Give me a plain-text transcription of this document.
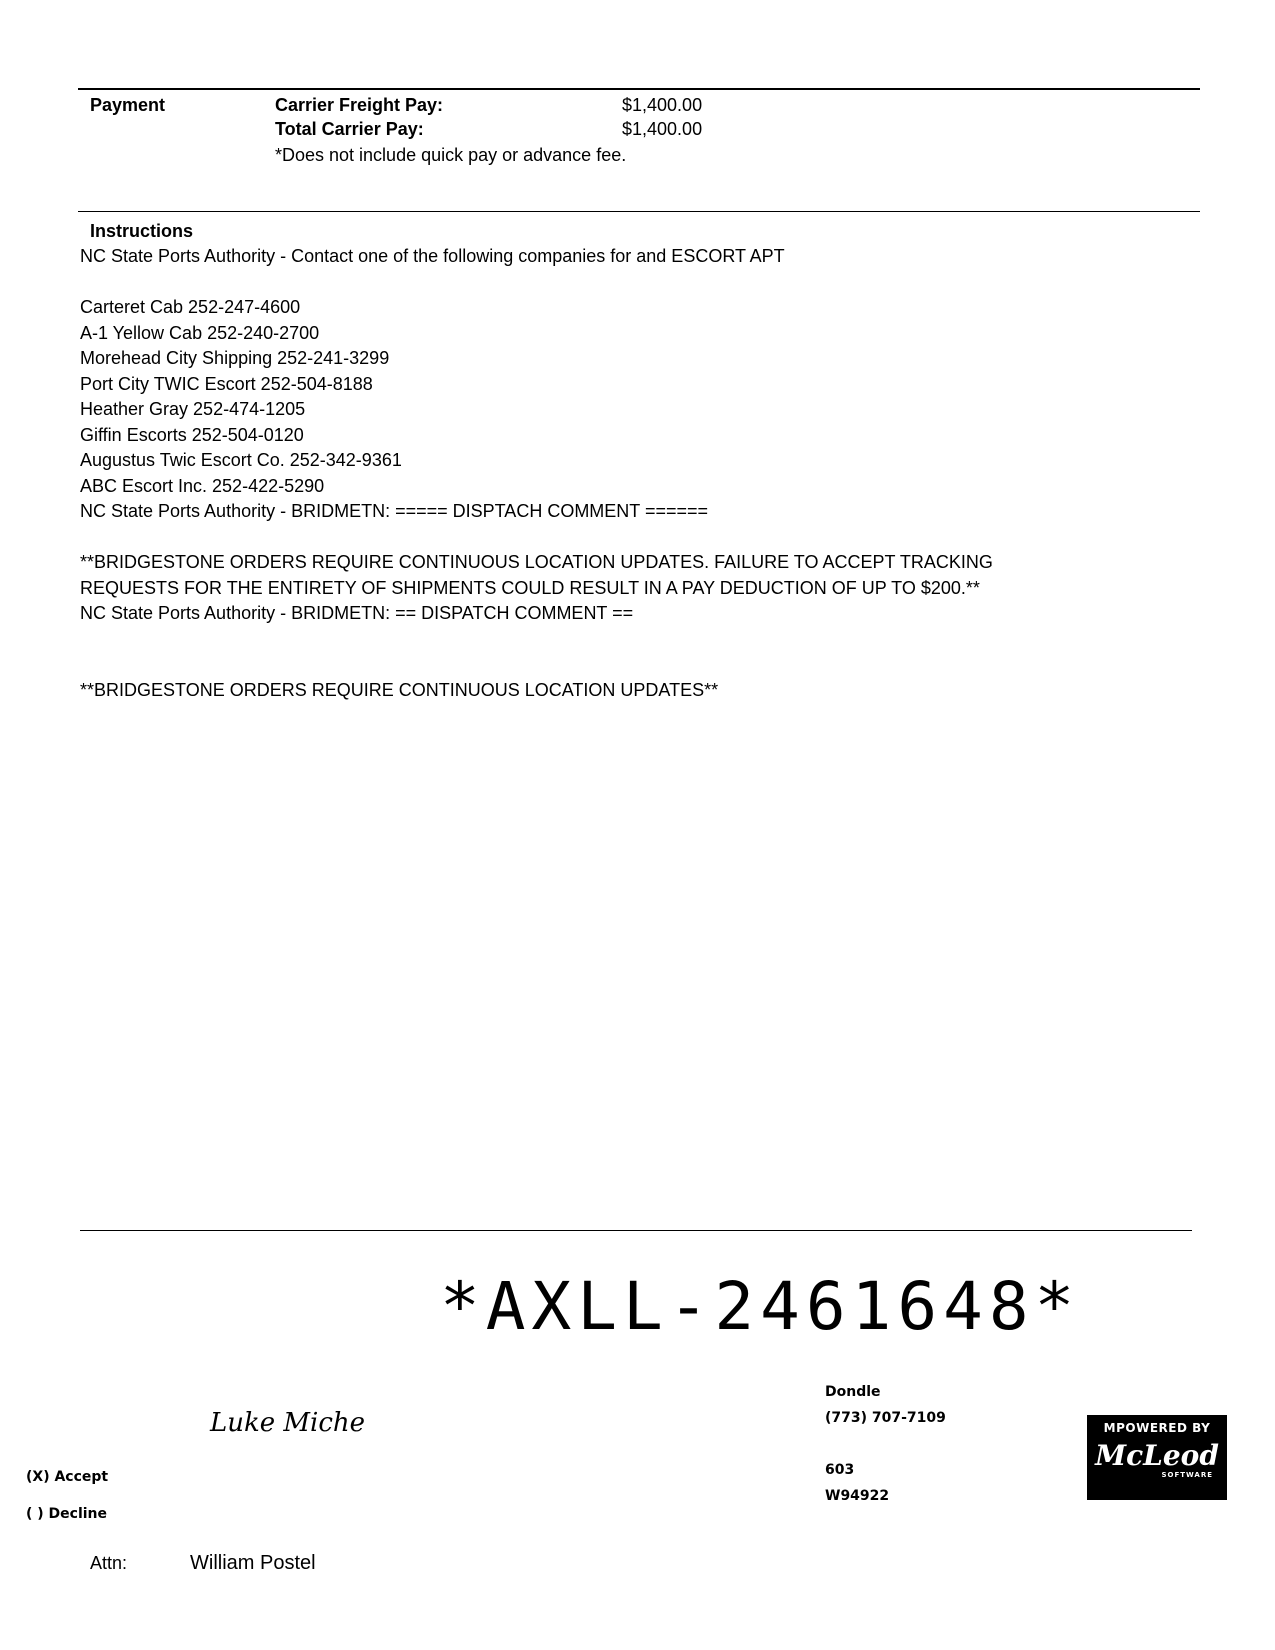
Payment	Carrier Freight Pay:	$1,400.00
Total Carrier Pay:	$1,400.00
*Does not include quick pay or advance fee.
Instructions
NC State Ports Authority - Contact one of the following companies for and ESCORT APT
Carteret Cab 252-247-4600
A-1 Yellow Cab 252-240-2700
Morehead City Shipping 252-241-3299
Port City TWIC Escort 252-504-8188
Heather Gray 252-474-1205
Giffin Escorts 252-504-0120
Augustus Twic Escort Co. 252-342-9361
ABC Escort Inc. 252-422-5290
NC State Ports Authority - BRIDMETN: ===== DISPTACH COMMENT ======
**BRIDGESTONE ORDERS REQUIRE CONTINUOUS LOCATION UPDATES. FAILURE TO ACCEPT TRACKING
REQUESTS FOR THE ENTIRETY OF SHIPMENTS COULD RESULT IN A PAY DEDUCTION OF UP TO $200.**
NC State Ports Authority - BRIDMETN: == DISPATCH COMMENT ==
**BRIDGESTONE ORDERS REQUIRE CONTINUOUS LOCATION UPDATES**
*AXLL-2461648*
Dondle
(773) 707-7109
603
W94922
Luke Miche
(X) Accept
( ) Decline
Attn:	William Postel
MPOWERED BY
McLeod
SOFTWARE
